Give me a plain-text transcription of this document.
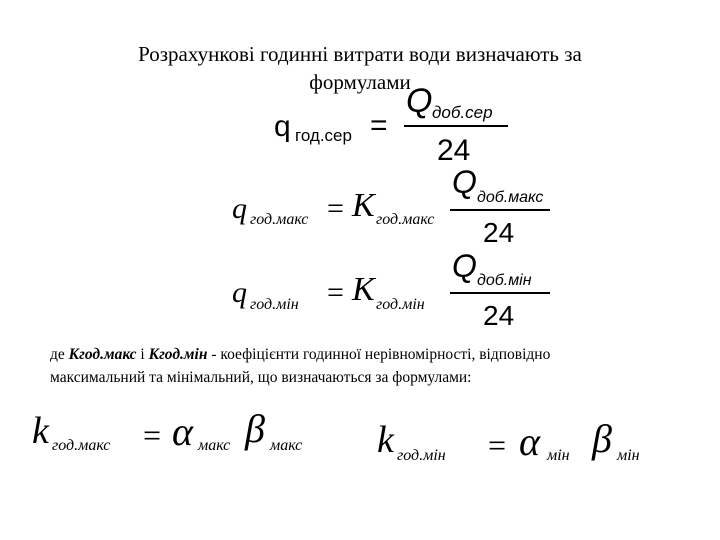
Розрахункові годинні витрати води визначають за
формулами
q год.сер =
Q доб.сер
24
q год.макс = K год.макс
Q доб.макс
24
q год.мін = K год.мін
Q доб.мін
24
де Кгод.макс і Кгод.мін - коефіцієнти годинної нерівномірності, відповідно
максимальний та мінімальний, що визначаються за формулами:
k год.макс = α макс β макс k год.мін = α мін β мін
